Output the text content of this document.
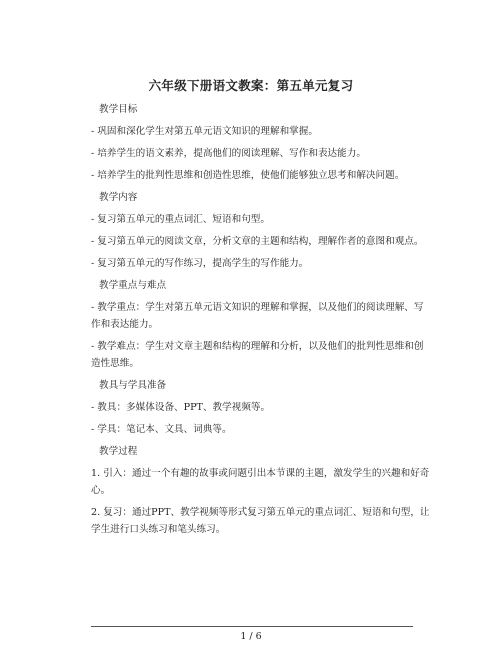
六年级下册语文教案：第五单元复习

教学目标

- 巩固和深化学生对第五单元语文知识的理解和掌握。

- 培养学生的语文素养，提高他们的阅读理解、写作和表达能力。

- 培养学生的批判性思维和创造性思维，使他们能够独立思考和解决问题。

教学内容

- 复习第五单元的重点词汇、短语和句型。

- 复习第五单元的阅读文章，分析文章的主题和结构，理解作者的意图和观点。

- 复习第五单元的写作练习，提高学生的写作能力。

教学重点与难点

- 教学重点：学生对第五单元语文知识的理解和掌握，以及他们的阅读理解、写作和表达能力。

- 教学难点：学生对文章主题和结构的理解和分析，以及他们的批判性思维和创造性思维。

教具与学具准备

- 教具：多媒体设备、PPT、教学视频等。

- 学具：笔记本、文具、词典等。

教学过程

1. 引入：通过一个有趣的故事或问题引出本节课的主题，激发学生的兴趣和好奇心。

2. 复习：通过PPT、教学视频等形式复习第五单元的重点词汇、短语和句型，让学生进行口头练习和笔头练习。

1 / 6
